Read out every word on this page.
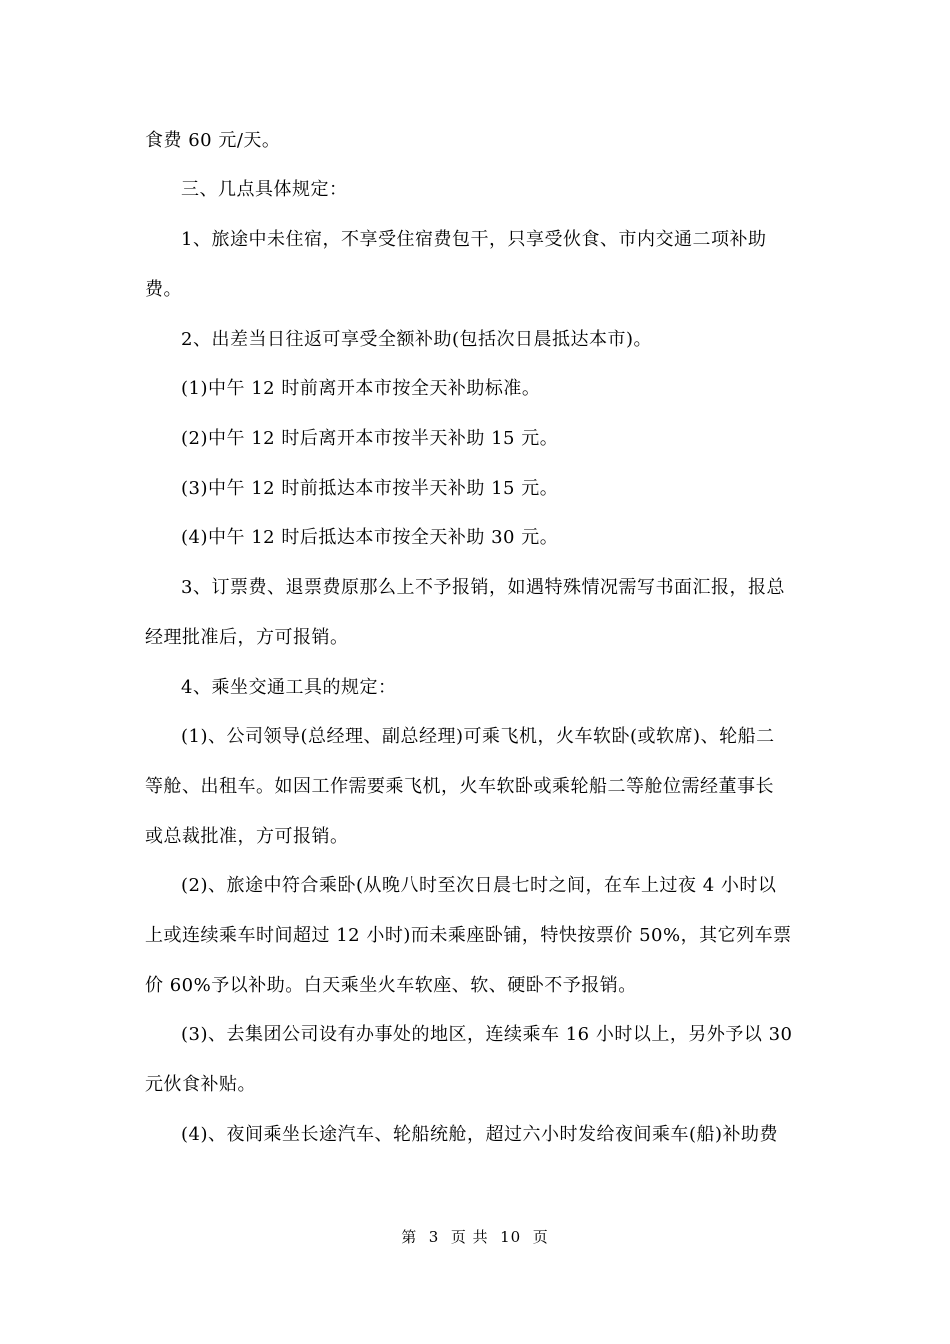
食费 60 元/天。
三、几点具体规定：
1、旅途中未住宿，不享受住宿费包干，只享受伙食、市内交通二项补助
费。
2、出差当日往返可享受全额补助(包括次日晨抵达本市)。
(1)中午 12 时前离开本市按全天补助标准。
(2)中午 12 时后离开本市按半天补助 15 元。
(3)中午 12 时前抵达本市按半天补助 15 元。
(4)中午 12 时后抵达本市按全天补助 30 元。
3、订票费、退票费原那么上不予报销，如遇特殊情况需写书面汇报，报总
经理批准后，方可报销。
4、乘坐交通工具的规定：
(1)、公司领导(总经理、副总经理)可乘飞机，火车软卧(或软席)、轮船二
等舱、出租车。如因工作需要乘飞机，火车软卧或乘轮船二等舱位需经董事长
或总裁批准，方可报销。
(2)、旅途中符合乘卧(从晚八时至次日晨七时之间，在车上过夜 4 小时以
上或连续乘车时间超过 12 小时)而未乘座卧铺，特快按票价 50%，其它列车票
价 60%予以补助。白天乘坐火车软座、软、硬卧不予报销。
(3)、去集团公司设有办事处的地区，连续乘车 16 小时以上，另外予以 30
元伙食补贴。
(4)、夜间乘坐长途汽车、轮船统舱，超过六小时发给夜间乘车(船)补助费
第  3  页 共  10  页
